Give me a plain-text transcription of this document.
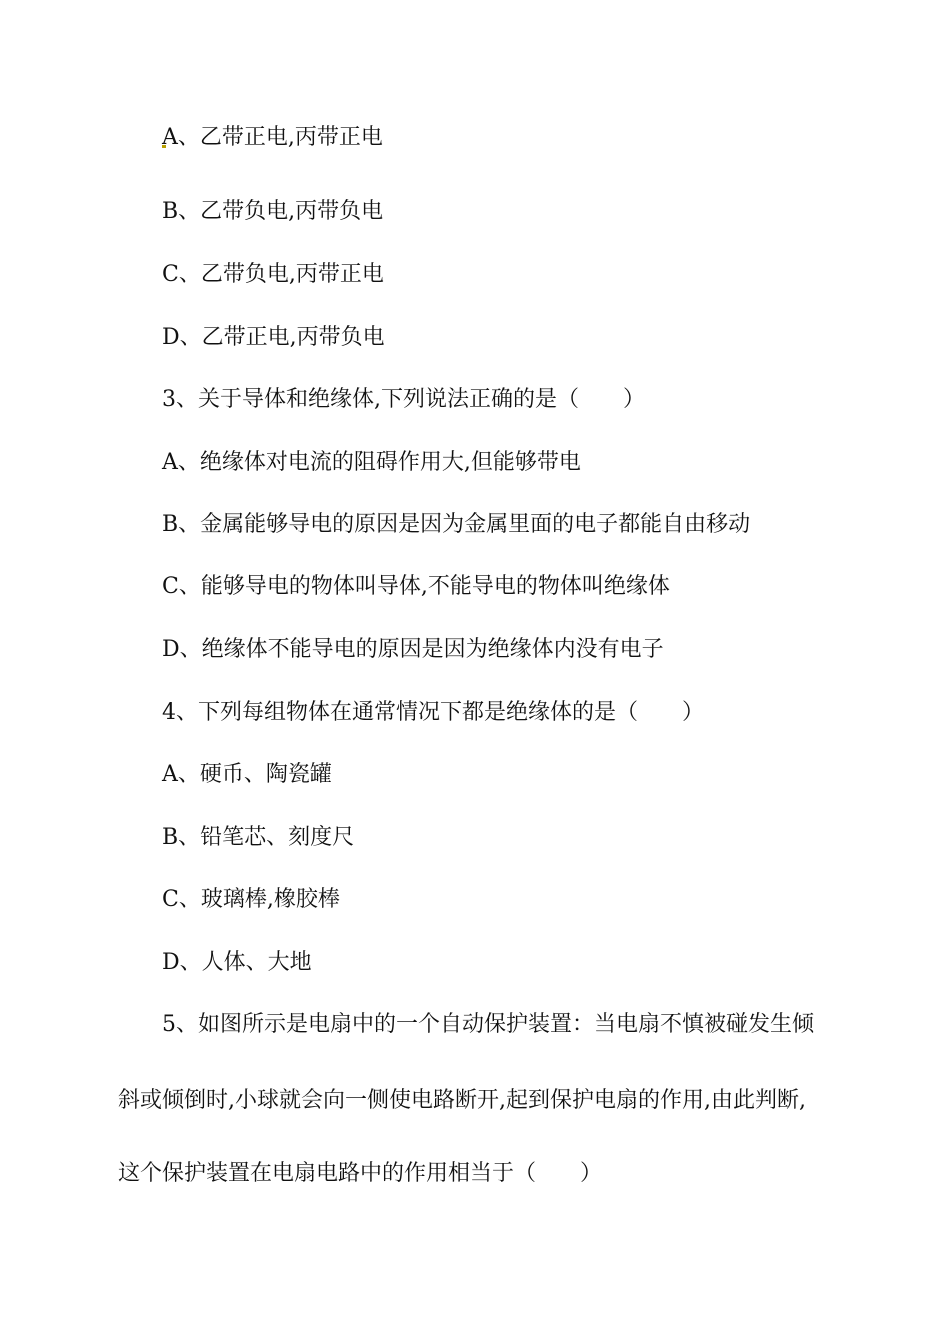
A、乙带正电,丙带正电
B、乙带负电,丙带负电
C、乙带负电,丙带正电
D、乙带正电,丙带负电
3、关于导体和绝缘体,下列说法正确的是（　　）
A、绝缘体对电流的阻碍作用大,但能够带电
B、金属能够导电的原因是因为金属里面的电子都能自由移动
C、能够导电的物体叫导体,不能导电的物体叫绝缘体
D、绝缘体不能导电的原因是因为绝缘体内没有电子
4、下列每组物体在通常情况下都是绝缘体的是（　　）
A、硬币、陶瓷罐
B、铅笔芯、刻度尺
C、玻璃棒,橡胶棒
D、人体、大地
5、如图所示是电扇中的一个自动保护装置：当电扇不慎被碰发生倾
斜或倾倒时,小球就会向一侧使电路断开,起到保护电扇的作用,由此判断,
这个保护装置在电扇电路中的作用相当于（　　）
